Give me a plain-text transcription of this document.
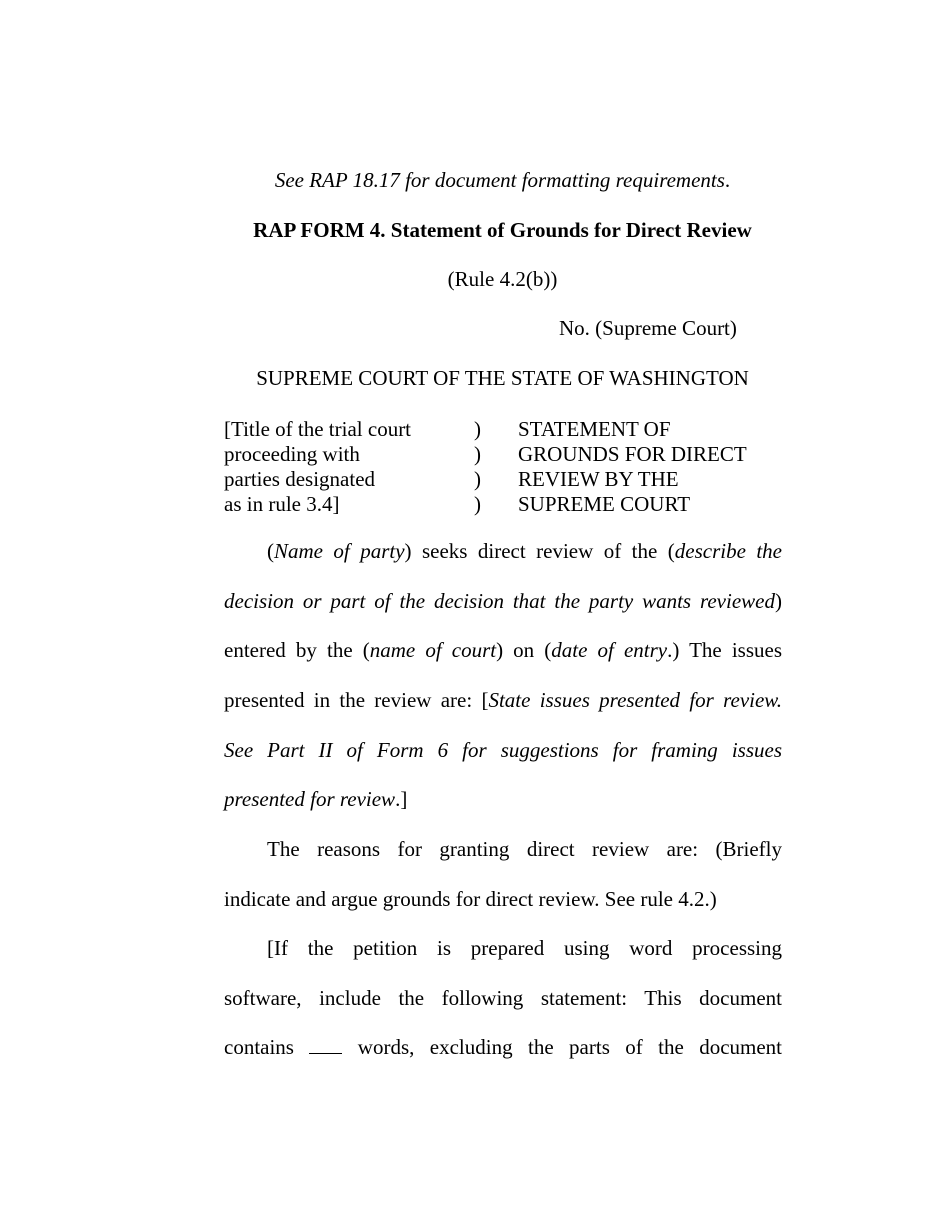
See RAP 18.17 for document formatting requirements.
RAP FORM 4. Statement of Grounds for Direct Review
(Rule 4.2(b))
No. (Supreme Court)
SUPREME COURT OF THE STATE OF WASHINGTON
[Title of the trial court
proceeding with
parties designated
as in rule 3.4]
)
)
)
)
STATEMENT OF
GROUNDS FOR DIRECT
REVIEW BY THE
SUPREME COURT
(Name of party) seeks direct review of the (describe the
decision or part of the decision that the party wants reviewed)
entered by the (name of court) on (date of entry.) The issues
presented in the review are: [State issues presented for review.
See Part II of Form 6 for suggestions for framing issues
presented for review.]
The reasons for granting direct review are: (Briefly
indicate and argue grounds for direct review. See rule 4.2.)
[If the petition is prepared using word processing
software, include the following statement: This document
contains	words, excluding the parts of the document
